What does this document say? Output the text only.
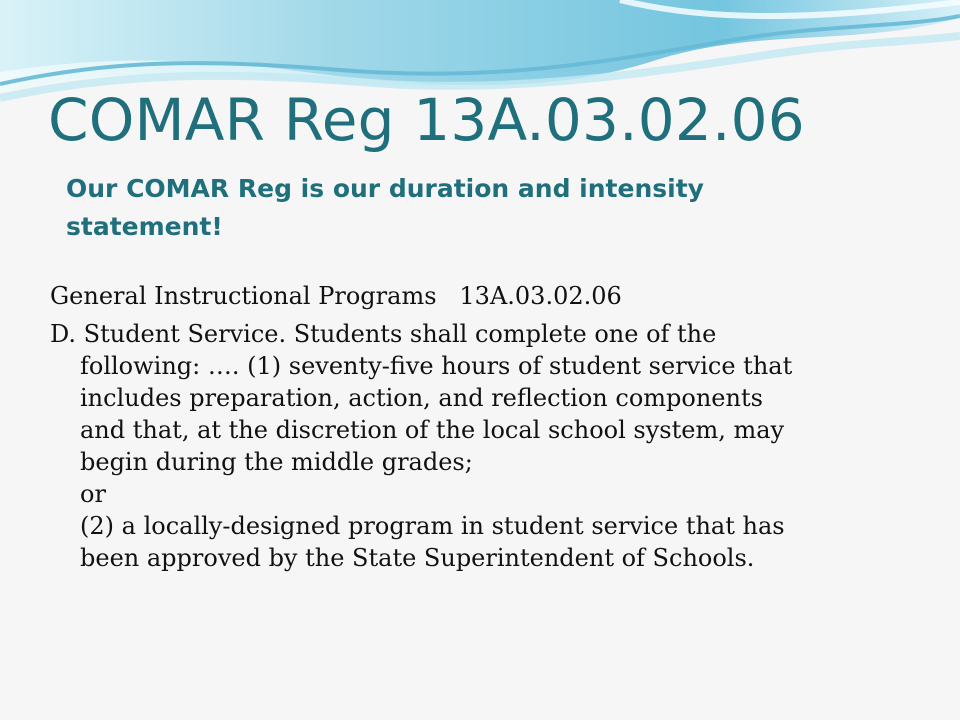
COMAR Reg 13A.03.02.06
Our COMAR Reg is our duration and intensity statement!

General Instructional Programs   13A.03.02.06

D. Student Service. Students shall complete one of the

following: …. (1) seventy-five hours of student service that

includes preparation, action, and reflection components

and that, at the discretion of the local school system, may

begin during the middle grades;

or

(2) a locally-designed program in student service that has

been approved by the State Superintendent of Schools.
